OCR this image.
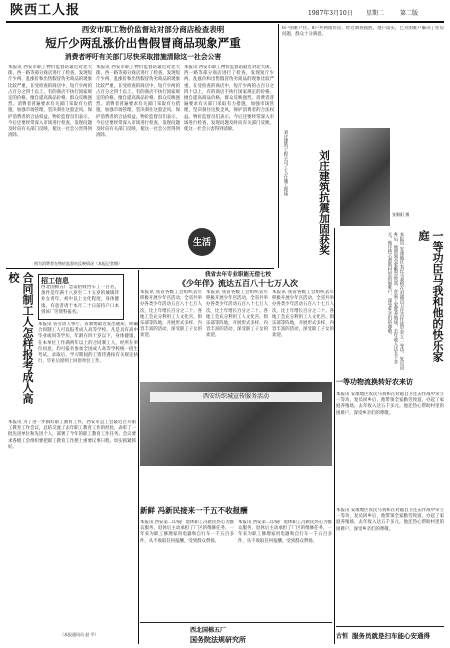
陕西工人报	1987年3月10日 星期二	第二版
西安市职工物价监督站对部分商店检查表明
短斤少两乱涨价出售假冒商品现象严重
消费者呼吁有关部门尽快采取措施清除这一社会公害
本报讯 西安市职工物价监督站最近对北大街、西一路等部分商店进行了检查，发现短斤少两、乱涨价和出售假冒伪劣商品的现象比较严重。在受检查的商店中，短斤少两的占百分之四十以上，有的商店不执行国家规定的价格，擅自提高商品价格，群众反映强烈。消费者普遍要求有关部门采取有力措施，加强市场管理，坚决刹住这股歪风，保护消费者的合法权益。物价监督员们表示，今后还要经常深入市场进行检查，发现问题及时向有关部门反映，使这一社会公害得到清除。
本报讯 西安市职工物价监督站最近对北大街、西一路等部分商店进行了检查，发现短斤少两、乱涨价和出售假冒伪劣商品的现象比较严重。在受检查的商店中，短斤少两的占百分之四十以上，有的商店不执行国家规定的价格，擅自提高商品价格，群众反映强烈。消费者普遍要求有关部门采取有力措施，加强市场管理，坚决刹住这股歪风，保护消费者的合法权益。物价监督员们表示，今后还要经常深入市场进行检查，发现问题及时向有关部门反映，使这一社会公害得到清除。
本报讯 西安市职工物价监督站最近对北大街、西一路等部分商店进行了检查，发现短斤少两、乱涨价和出售假冒伪劣商品的现象比较严重。在受检查的商店中，短斤少两的占百分之四十以上，有的商店不执行国家规定的价格，擅自提高商品价格，群众反映强烈。消费者普遍要求有关部门采取有力措施，加强市场管理，坚决刹住这股歪风，保护消费者的合法权益。物价监督员们表示，今后还要经常深入市场进行检查，发现问题及时向有关部门反映，使这一社会公害得到清除。
图为消费者在物价监督站反映情况（本报记者摄）
6户困难户住。8户共两间住房，经过调查摸底，逐户落实，已为困难户解决了住房问题，群众十分满意。
张朝阳 摄
刘庄建筑抗震加固获奖
刘庄建筑工程公司工人在施工现场
一等功臣马我和他的快乐家庭
本报讯 安康地区农民马我和在对越自卫还击作战中荣立一等功，复员回乡后，他带领全家勤劳致富，办起了家庭养殖场，去年收入达五千多元。他还热心帮助村里的困难户，深受乡亲们的尊敬。
合同制工人怎样报考成人高校	招工信息
西北国棉五厂急需招收挡车工一百名，条件是年满十八岁至二十五岁的城镇待业女青年，初中以上文化程度，身体健康。有意者请于本月二十日前持户口本到该厂劳资科报名。
本报讯 省劳动人事厅、省教委最近发出通知，明确合同制工人可以报考成人高等学校。凡是具有高中毕业或同等学历，年龄在四十岁以下，身体健康，在本单位工作满两年以上的合同制工人，经所在单位同意，均可报名参加全国成人高等学校统一招生考试。录取后，学习期间的工资待遇按有关规定执行，毕业后原则上回原单位工作。
生活
我省去年专业职能无偿七校
《少年伴》流达五百八十七万人次
本报讯 我省各级工会组织去年积极开展少年宫活动，全省共举办各类少年活动五百八十七万人次，比上年增长百分之二十。各地工会充分利用工人文化宫、俱乐部等阵地，开展形式多样、内容丰富的活动，深受职工子女的欢迎。
本报讯 我省各级工会组织去年积极开展少年宫活动，全省共举办各类少年活动五百八十七万人次，比上年增长百分之二十。各地工会充分利用工人文化宫、俱乐部等阵地，开展形式多样、内容丰富的活动，深受职工子女的欢迎。
本报讯 我省各级工会组织去年积极开展少年宫活动，全省共举办各类少年活动五百八十七万人次，比上年增长百分之二十。各地工会充分利用工人文化宫、俱乐部等阵地，开展形式多样、内容丰富的活动，深受职工子女的欢迎。
一等功物流换转好农来访
本报讯 安康地区农民马我和在对越自卫还击作战中荣立一等功，复员回乡后，他带领全家勤劳致富，办起了家庭养殖场，去年收入达五千多元。他还热心帮助村里的困难户，深受乡亲们的尊敬。
西安纺织城宣传服务活动
本报讯 为了进一步搞好职工教育工作，西安市总工会最近召开职工教育工作会议，总结交流了去年职工教育工作的经验，表彰了一批先进单位和先进个人，部署了今年的职工教育工作任务。会议要求各级工会组织要把职工教育工作摆上重要议事日程，切实抓紧抓好。
（本报通讯员 赵 平）
新鲜 冯新民接来一千五不收报酬
本报讯 西安第二印染厂退休职工冯新民热心为群众服务，退休后主动承担了厂区的维修任务，一年来为职工修理家用电器和自行车一千五百多件，从不收取任何报酬，受到群众赞扬。
本报讯 西安第二印染厂退休职工冯新民热心为群众服务，退休后主动承担了厂区的维修任务，一年来为职工修理家用电器和自行车一千五百多件，从不收取任何报酬，受到群众赞扬。
西北国棉五厂
国务院法规研究所
本报讯 安康地区农民马我和在对越自卫还击作战中荣立一等功，复员回乡后，他带领全家勤劳致富，办起了家庭养殖场，去年收入达五千多元。他还热心帮助村里的困难户，深受乡亲们的尊敬。
古恒 服务员就是扫车能心安通得
